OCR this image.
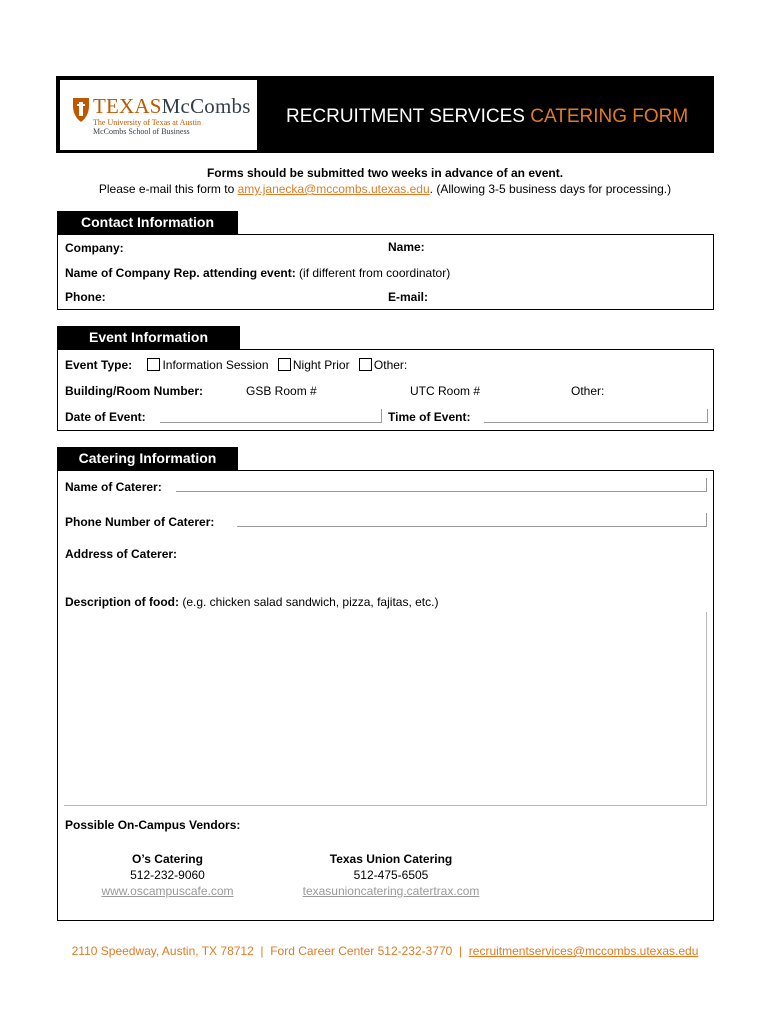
TEXASMcCombs
The University of Texas at Austin
McCombs School of Business
RECRUITMENT SERVICES CATERING FORM
Forms should be submitted two weeks in advance of an event.
Please e-mail this form to amy.janecka@mccombs.utexas.edu. (Allowing 3-5 business days for processing.)
Contact Information
Company:	Name:
Name of Company Rep. attending event: (if different from coordinator)
Phone:	E-mail:
Event Information
Event Type:	Information Session Night Prior Other:
Building/Room Number:	GSB Room #	UTC Room #	Other:
Date of Event:	Time of Event:
Catering Information
Name of Caterer:
Phone Number of Caterer:
Address of Caterer:
Description of food: (e.g. chicken salad sandwich, pizza, fajitas, etc.)
Possible On-Campus Vendors:
O’s Catering
512-232-9060
www.oscampuscafe.com
Texas Union Catering
512-475-6505
texasunioncatering.catertrax.com
2110 Speedway, Austin, TX 78712  |  Ford Career Center 512-232-3770  |  recruitmentservices@mccombs.utexas.edu
